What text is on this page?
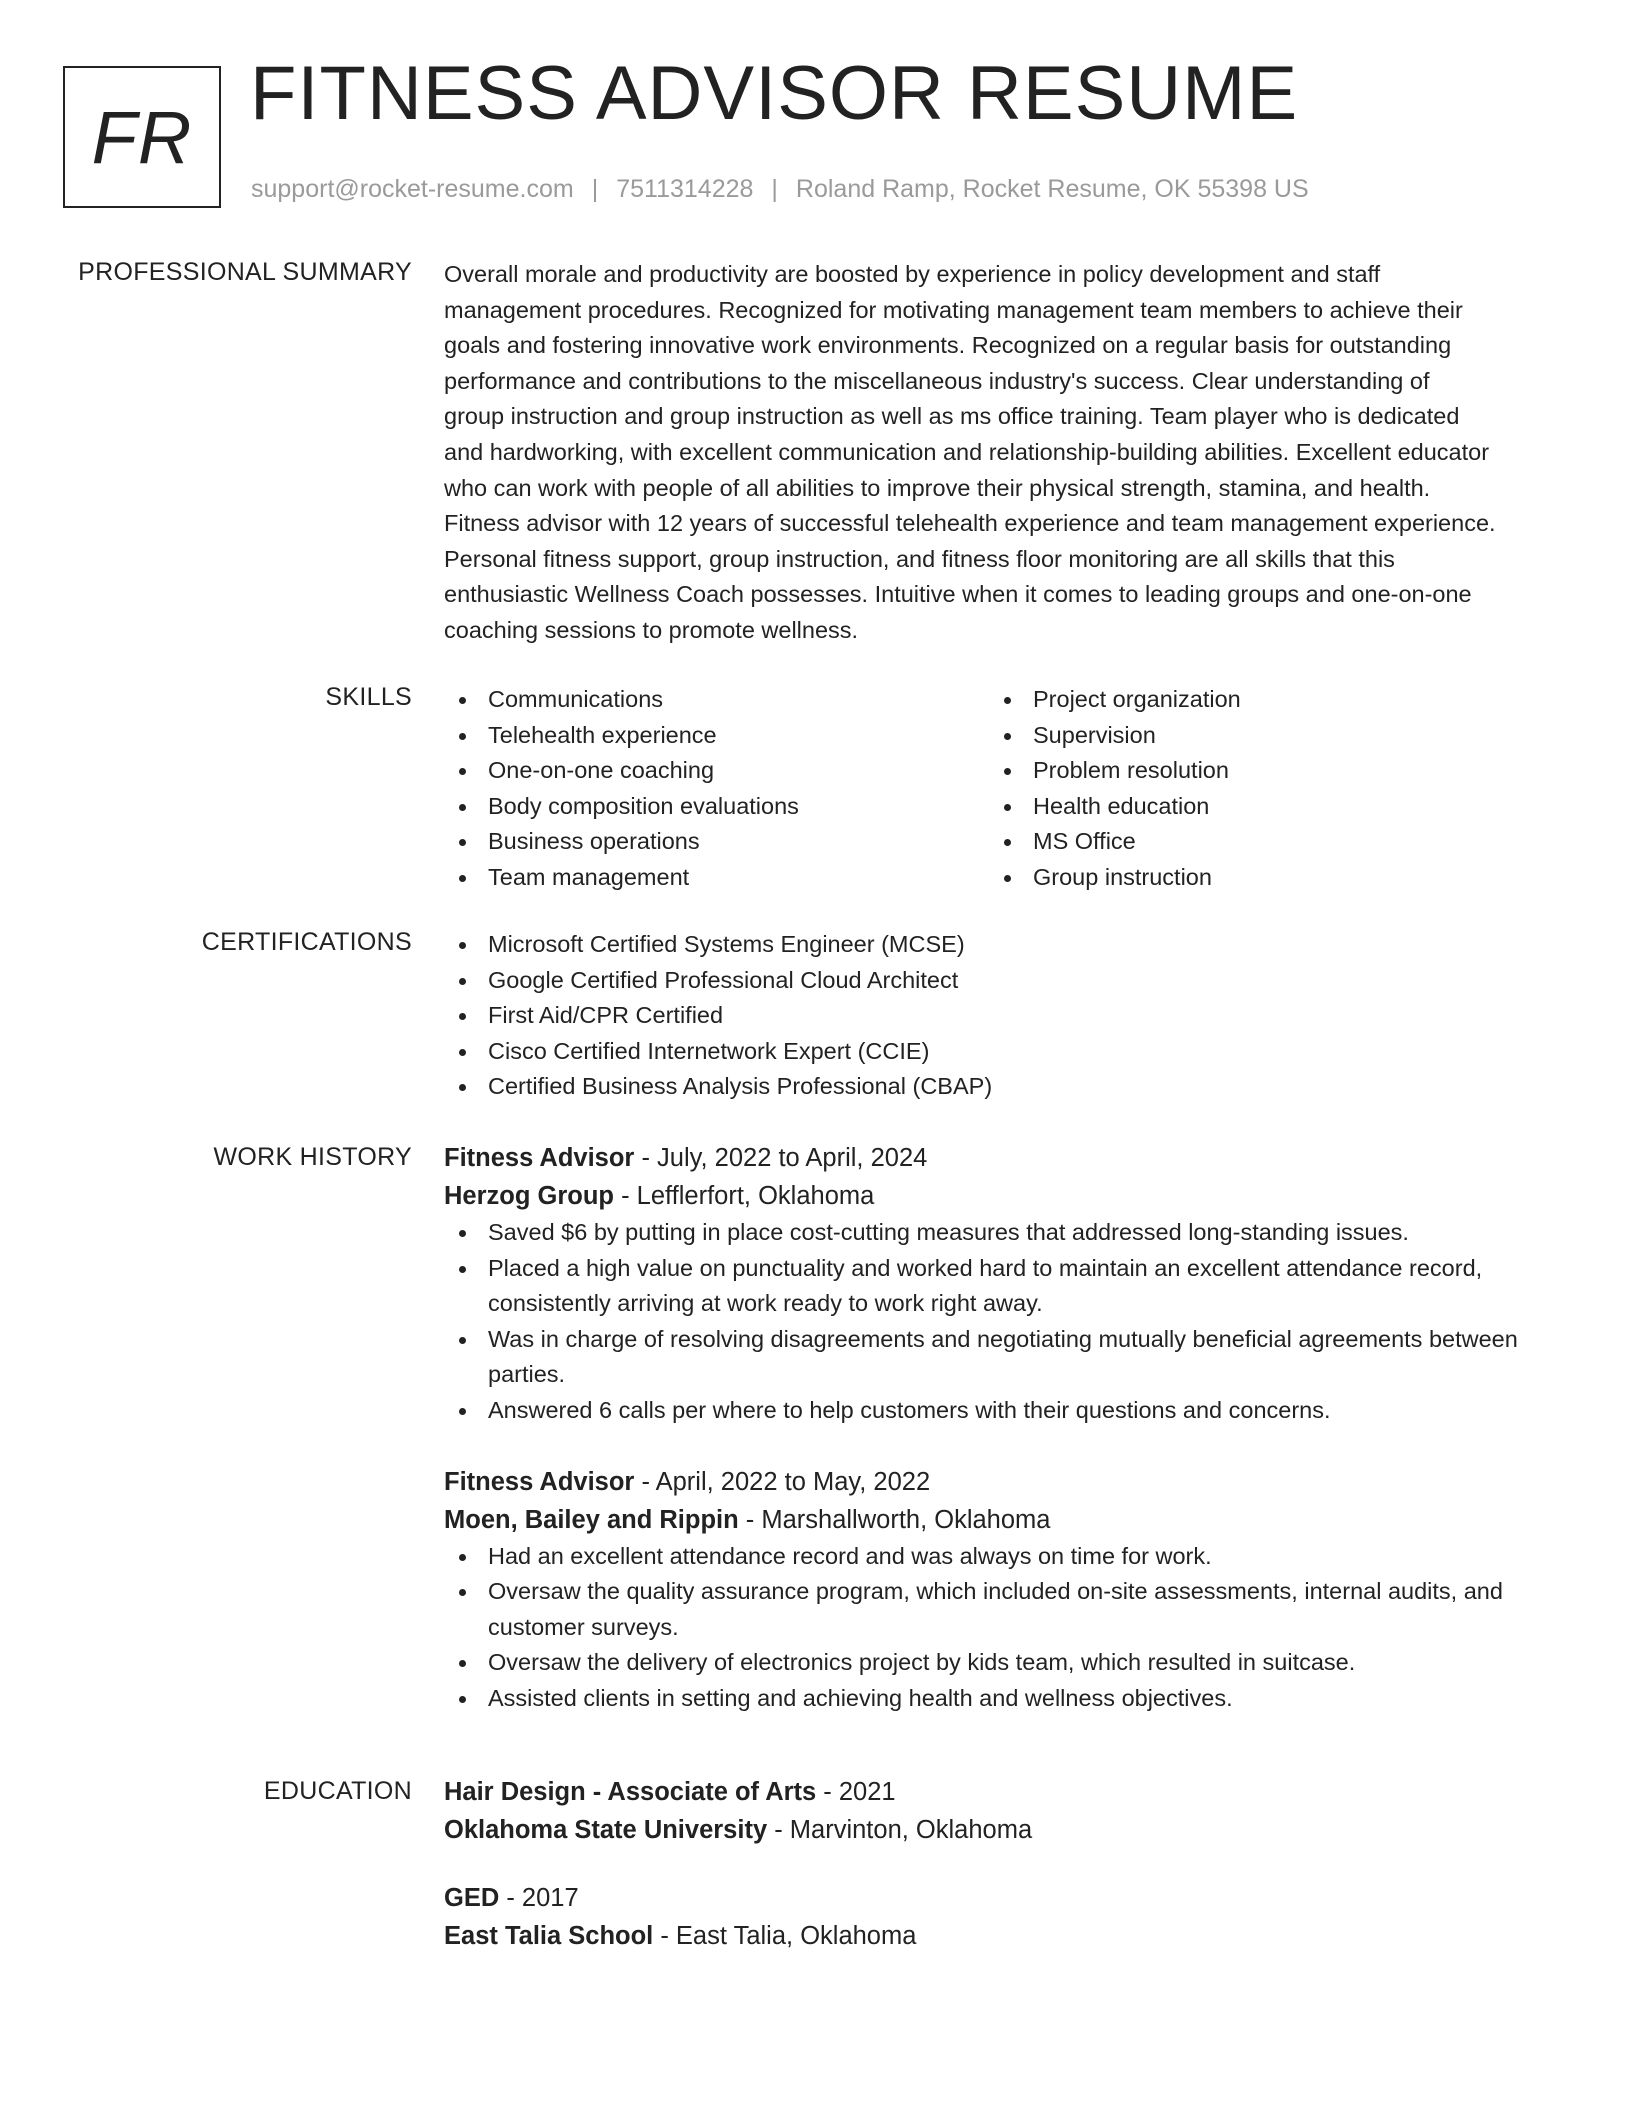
FR
FITNESS ADVISOR RESUME
support@rocket-resume.com | 7511314228 | Roland Ramp, Rocket Resume, OK 55398 US
PROFESSIONAL SUMMARY Overall morale and productivity are boosted by experience in policy development and staff
management procedures. Recognized for motivating management team members to achieve their
goals and fostering innovative work environments. Recognized on a regular basis for outstanding
performance and contributions to the miscellaneous industry's success. Clear understanding of
group instruction and group instruction as well as ms office training. Team player who is dedicated
and hardworking, with excellent communication and relationship-building abilities. Excellent educator
who can work with people of all abilities to improve their physical strength, stamina, and health.
Fitness advisor with 12 years of successful telehealth experience and team management experience.
Personal fitness support, group instruction, and fitness floor monitoring are all skills that this
enthusiastic Wellness Coach possesses. Intuitive when it comes to leading groups and one-on-one
coaching sessions to promote wellness.
SKILLS	Communications
Telehealth experience
One-on-one coaching
Body composition evaluations
Business operations
Team management
Project organization
Supervision
Problem resolution
Health education
MS Office
Group instruction
CERTIFICATIONS	Microsoft Certified Systems Engineer (MCSE)
Google Certified Professional Cloud Architect
First Aid/CPR Certified
Cisco Certified Internetwork Expert (CCIE)
Certified Business Analysis Professional (CBAP)
WORK HISTORY Fitness Advisor - July, 2022 to April, 2024
Herzog Group - Lefflerfort, Oklahoma
Saved $6 by putting in place cost-cutting measures that addressed long-standing issues.
Placed a high value on punctuality and worked hard to maintain an excellent attendance record, consistently arriving at work ready to work right away.
Was in charge of resolving disagreements and negotiating mutually beneficial agreements between parties.
Answered 6 calls per where to help customers with their questions and concerns.
Fitness Advisor - April, 2022 to May, 2022
Moen, Bailey and Rippin - Marshallworth, Oklahoma
Had an excellent attendance record and was always on time for work.
Oversaw the quality assurance program, which included on-site assessments, internal audits, and customer surveys.
Oversaw the delivery of electronics project by kids team, which resulted in suitcase.
Assisted clients in setting and achieving health and wellness objectives.
EDUCATION Hair Design - Associate of Arts - 2021
Oklahoma State University - Marvinton, Oklahoma
GED - 2017
East Talia School - East Talia, Oklahoma
